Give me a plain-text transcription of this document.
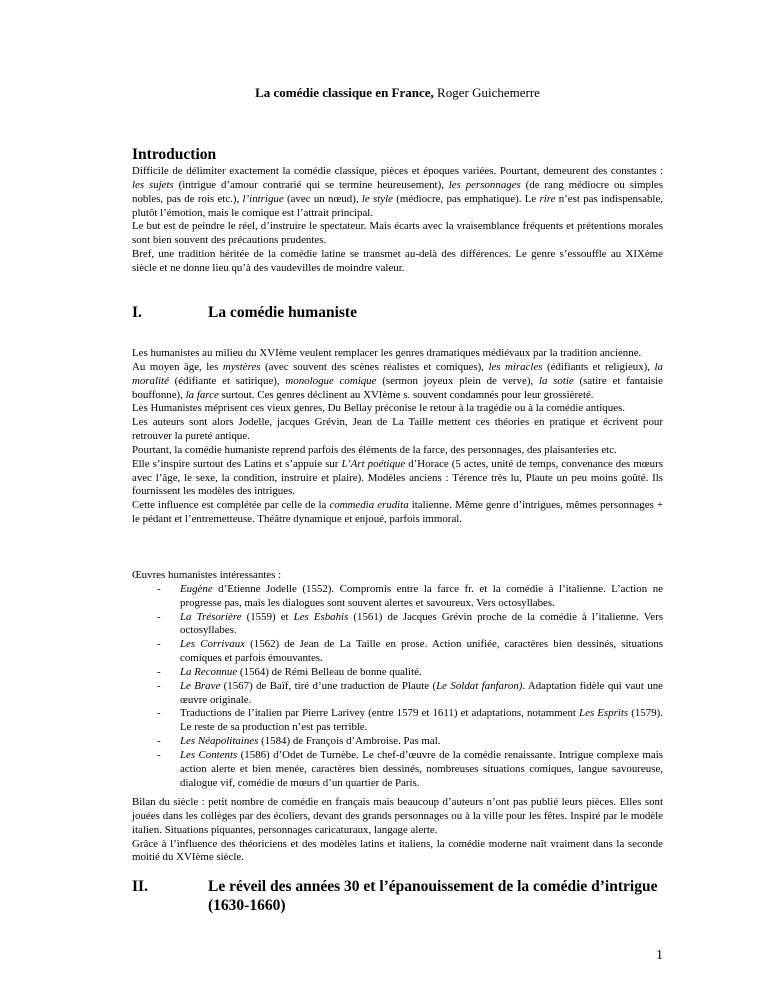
La comédie classique en France, Roger Guichemerre
Introduction

Difficile de délimiter exactement la comédie classique, pièces et époques variées. Pourtant, demeurent des constantes : les sujets (intrigue d’amour contrarié qui se termine heureusement), les personnages (de rang médiocre ou simples nobles, pas de rois etc.), l’intrigue (avec un nœud), le style (médiocre, pas emphatique). Le rire n’est pas indispensable, plutôt l’émotion, mais le comique est l’attrait principal.

Le but est de peindre le réel, d’instruire le spectateur. Mais écarts avec la vraisemblance fréquents et prétentions morales sont bien souvent des précautions prudentes.

Bref, une tradition héritée de la comédie latine se transmet au-delà des différences. Le genre s’essouffle au XIXème siècle et ne donne lieu qu’à des vaudevilles de moindre valeur.

I.	La comédie humaniste

Les humanistes au milieu du XVIème veulent remplacer les genres dramatiques médiévaux par la tradition ancienne.

Au moyen âge, les mystères (avec souvent des scènes réalistes et comiques), les miracles (édifiants et religieux), la moralité (édifiante et satirique), monologue comique (sermon joyeux plein de verve), la sotie (satire et fantaisie bouffonne), la farce surtout. Ces genres déclinent au XVIème s. souvent condamnés pour leur grossièreté.

Les Humanistes méprisent ces vieux genres, Du Bellay préconise le retour à la tragédie ou à la comédie antiques.

Les auteurs sont alors Jodelle, jacques Grévin, Jean de La Taille mettent ces théories en pratique et écrivent pour retrouver la pureté antique.

Pourtant, la comédie humaniste reprend parfois des éléments de la farce, des personnages, des plaisanteries etc.

Elle s’inspire surtout des Latins et s’appuie sur L’Art poétique d’Horace (5 actes, unité de temps, convenance des mœurs avec l’âge, le sexe, la condition, instruire et plaire). Modèles anciens : Térence très lu, Plaute un peu moins goûté. Ils fournissent les modèles des intrigues.

Cette influence est complétée par celle de la commedia erudita italienne. Même genre d’intrigues, mêmes personnages + le pédant et l’entremetteuse. Théâtre dynamique et enjoué, parfois immoral.

Œuvres humanistes intéressantes :

- Eugène d’Etienne Jodelle (1552). Compromis entre la farce fr. et la comédie à l’italienne. L’action ne progresse pas, mais les dialogues sont souvent alertes et savoureux. Vers octosyllabes.
- La Trésorière (1559) et Les Esbahis (1561) de Jacques Grévin proche de la comédie à l’italienne. Vers octosyllabes.
- Les Corrivaux (1562) de Jean de La Taille en prose. Action unifiée, caractères bien dessinés, situations comiques et parfois émouvantes.
- La Reconnue (1564) de Rémi Belleau de bonne qualité.
- Le Brave (1567) de Baïf, tiré d’une traduction de Plaute (Le Soldat fanfaron). Adaptation fidèle qui vaut une œuvre originale.
- Traductions de l’italien par Pierre Larivey (entre 1579 et 1611) et adaptations, notamment Les Esprits (1579). Le reste de sa production n’est pas terrible.
- Les Néapolitaines (1584) de François d’Ambroise. Pas mal.
- Les Contents (1586) d’Odet de Turnèbe. Le chef-d’œuvre de la comédie renaissante. Intrigue complexe mais action alerte et bien menée, caractères bien dessinés, nombreuses situations comiques, langue savoureuse, dialogue vif, comédie de mœurs d’un quartier de Paris.

Bilan du siècle : petit nombre de comédie en français mais beaucoup d’auteurs n’ont pas publié leurs pièces. Elles sont jouées dans les collèges par des écoliers, devant des grands personnages ou à la ville pour les fêtes. Inspiré par le modèle italien. Situations piquantes, personnages caricaturaux, langage alerte.

Grâce à l’influence des théoriciens et des modèles latins et italiens, la comédie moderne naît vraiment dans la seconde moitié du XVIème siècle.

II.	Le réveil des années 30 et l’épanouissement de la comédie d’intrigue (1630-1660)
1
